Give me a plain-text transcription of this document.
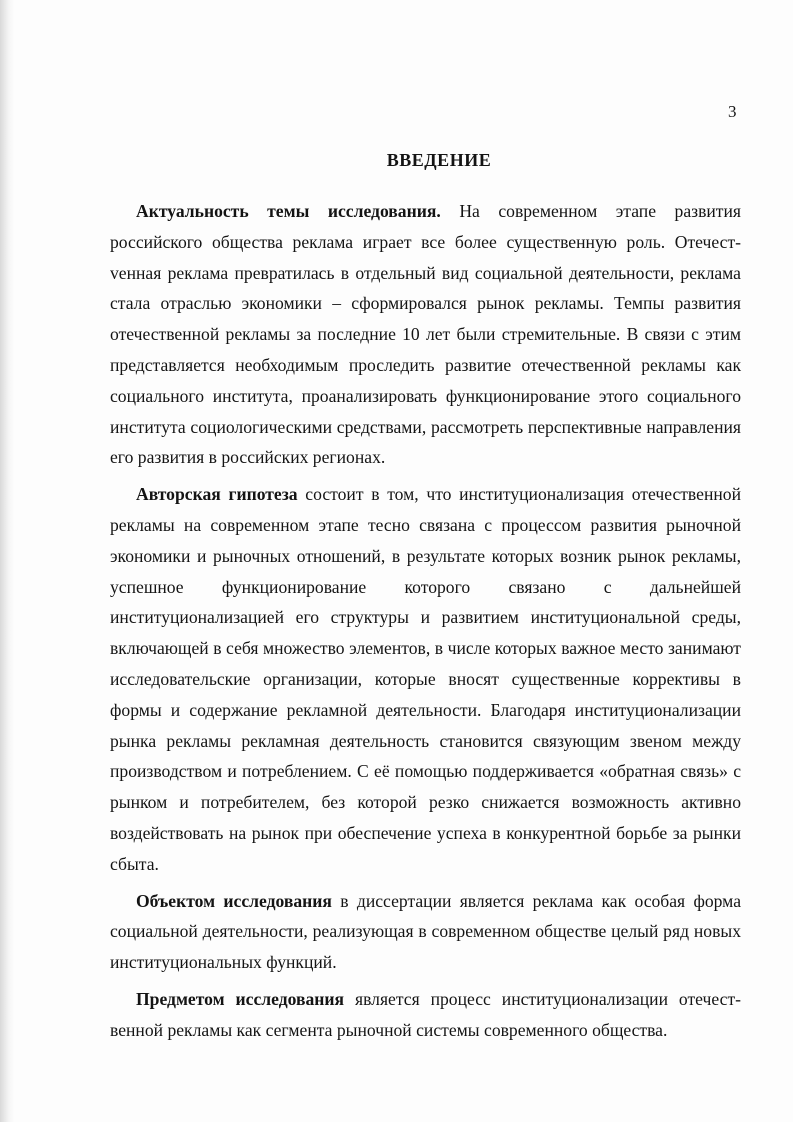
3
ВВЕДЕНИЕ

Актуальность темы исследования. На современном этапе развития российского общества реклама играет все более существенную роль. Отечестvенная реклама превратилась в отдельный вид социальной деятельности, реклама стала отраслью экономики – сформировался рынок рекламы. Темпы развития отечественной рекламы за последние 10 лет были стремительные. В связи с этим представляется необходимым проследить развитие отечественной рекламы как социального института, проанализировать функционирование этого социального института социологическими средствами, рассмотреть перспективные направления его развития в российских регионах.

Авторская гипотеза состоит в том, что институционализация отечественной рекламы на современном этапе тесно связана с процессом развития рыночной экономики и рыночных отношений, в результате которых возник рынок рекламы, успешное функционирование которого связано с дальнейшей институционализацией его структуры и развитием институциональной среды, включающей в себя множество элементов, в числе которых важное место занимают исследовательские организации, которые вносят существенные коррективы в формы и содержание рекламной деятельности. Благодаря институционализации рынка рекламы рекламная деятельность становится связующим звеном между производством и потреблением. С её помощью поддерживается «обратная связь» с рынком и потребителем, без которой резко снижается возможность активно воздействовать на рынок при обеспечение успеха в конкурентной борьбе за рынки сбыта.

Объектом исследования в диссертации является реклама как особая форма социальной деятельности, реализующая в современном обществе целый ряд новых институциональных функций.

Предметом исследования является процесс институционализации отечественной рекламы как сегмента рыночной системы современного общества.
